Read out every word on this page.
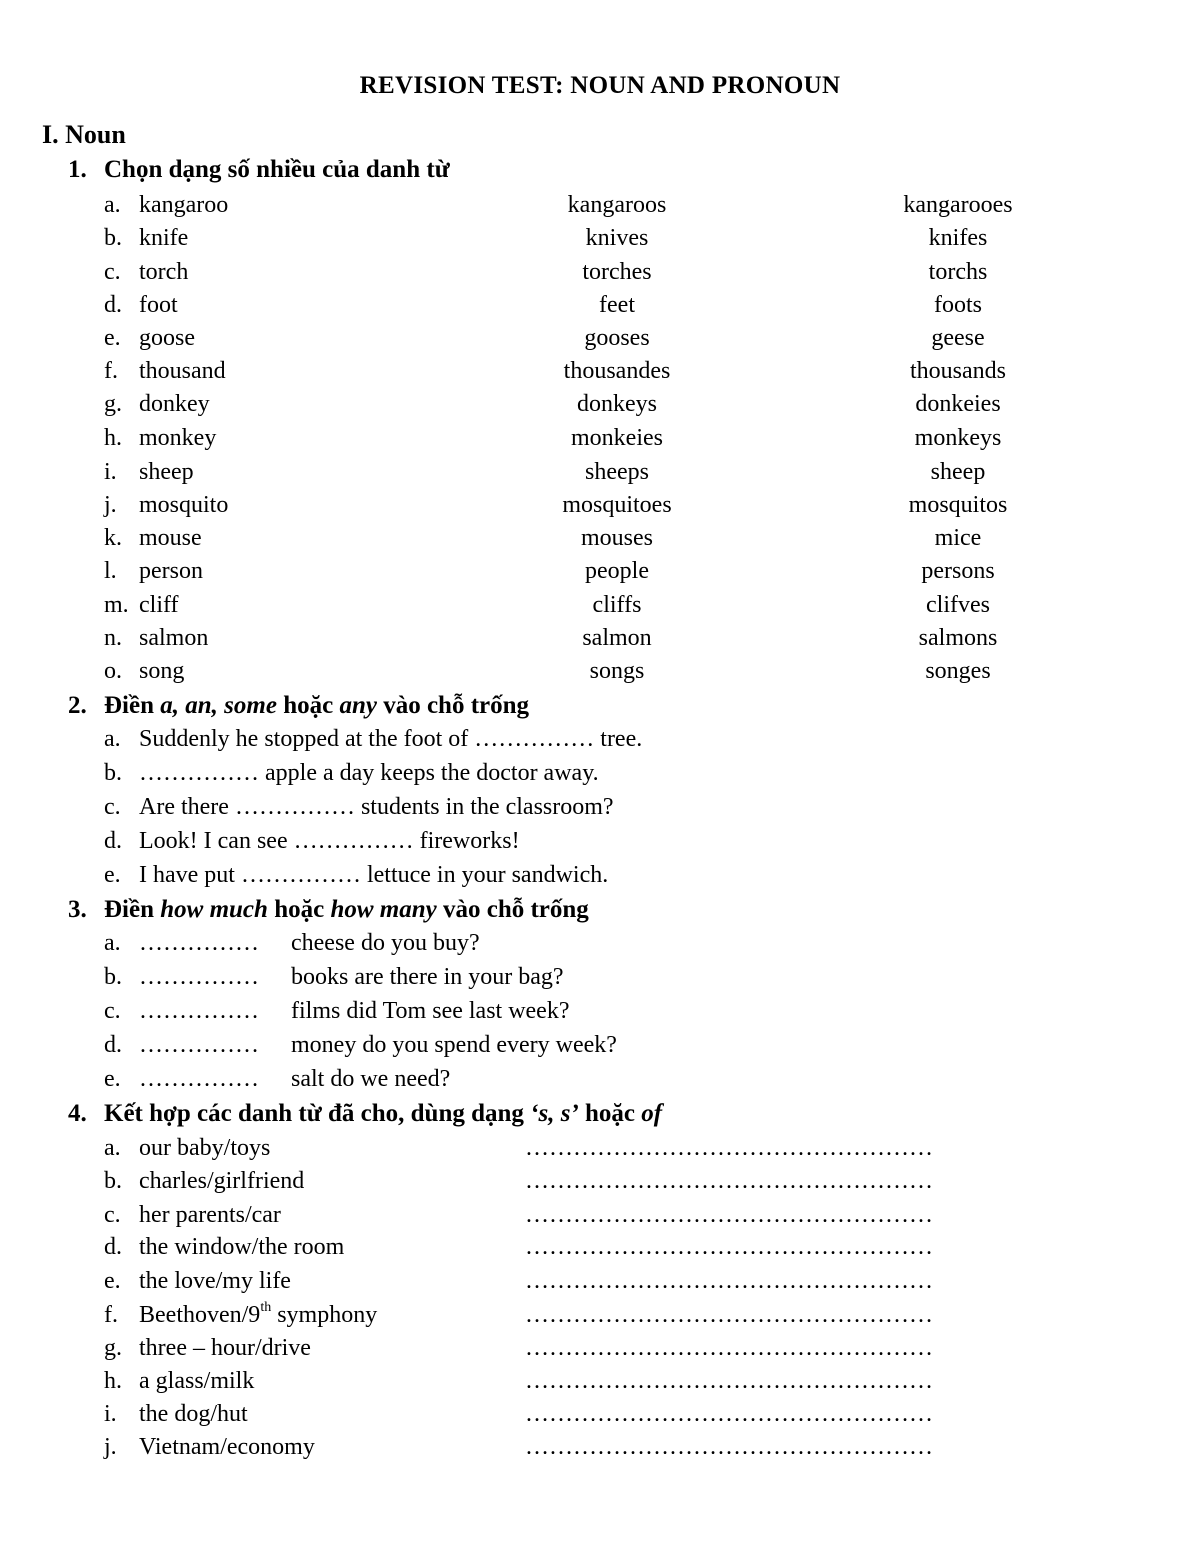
REVISION TEST: NOUN AND PRONOUN
I. Noun
1. Chọn dạng số nhiều của danh từ
a. kangaroo	kangaroos	kangarooes
b. knife	knives	knifes
c. torch	torches	torchs
d. foot	feet	foots
e. goose	gooses	geese
f. thousand	thousandes	thousands
g. donkey	donkeys	donkeies
h. monkey	monkeies	monkeys
i. sheep	sheeps	sheep
j. mosquito	mosquitoes	mosquitos
k. mouse	mouses	mice
l. person	people	persons
m. cliff	cliffs	clifves
n. salmon	salmon	salmons
o. song	songs	songes
2. Điền a, an, some hoặc any vào chỗ trống
a. Suddenly he stopped at the foot of …………… tree.
b. …………… apple a day keeps the doctor away.
c. Are there …………… students in the classroom?
d. Look! I can see …………… fireworks!
e. I have put …………… lettuce in your sandwich.
3. Điền how much hoặc how many vào chỗ trống
a. …………… cheese do you buy?
b. …………… books are there in your bag?
c. …………… films did Tom see last week?
d. …………… money do you spend every week?
e. …………… salt do we need?
4. Kết hợp các danh từ đã cho, dùng dạng ‘s, s’ hoặc of
a. our baby/toys	……………………………………………
b. charles/girlfriend	……………………………………………
c. her parents/car	……………………………………………
d. the window/the room	……………………………………………
e. the love/my life	……………………………………………
f. Beethoven/9th symphony	……………………………………………
g. three – hour/drive	……………………………………………
h. a glass/milk	……………………………………………
i. the dog/hut	……………………………………………
j. Vietnam/economy	……………………………………………
